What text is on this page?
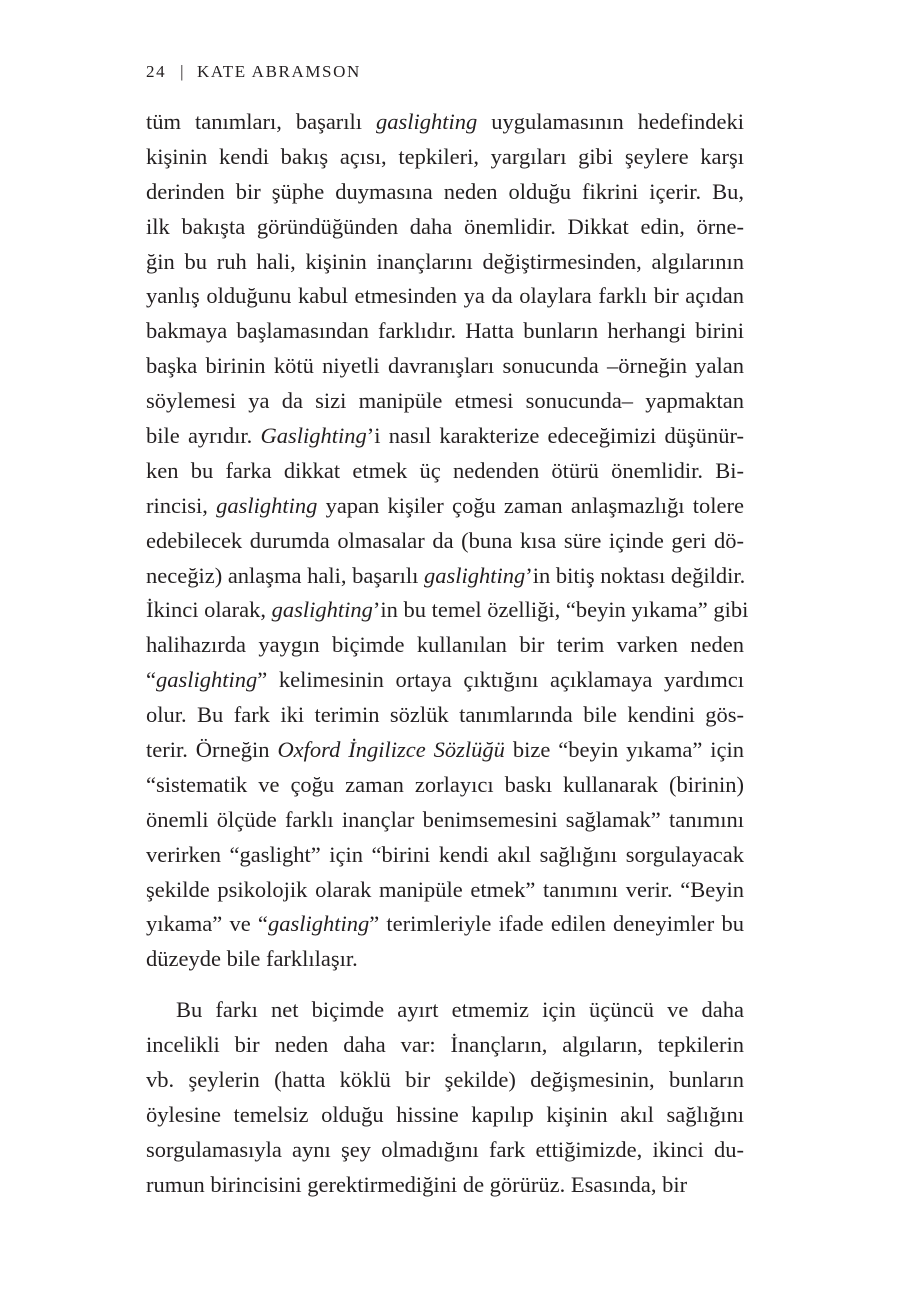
24 | KATE ABRAMSON
tüm tanımları, başarılı gaslighting uygulamasının hedefindeki
kişinin kendi bakış açısı, tepkileri, yargıları gibi şeylere karşı
derinden bir şüphe duymasına neden olduğu fikrini içerir. Bu,
ilk bakışta göründüğünden daha önemlidir. Dikkat edin, örne-
ğin bu ruh hali, kişinin inançlarını değiştirmesinden, algılarının
yanlış olduğunu kabul etmesinden ya da olaylara farklı bir açıdan
bakmaya başlamasından farklıdır. Hatta bunların herhangi birini
başka birinin kötü niyetli davranışları sonucunda –örneğin yalan
söylemesi ya da sizi manipüle etmesi sonucunda– yapmaktan
bile ayrıdır. Gaslighting’i nasıl karakterize edeceğimizi düşünür-
ken bu farka dikkat etmek üç nedenden ötürü önemlidir. Bi-
rincisi, gaslighting yapan kişiler çoğu zaman anlaşmazlığı tolere
edebilecek durumda olmasalar da (buna kısa süre içinde geri dö-
neceğiz) anlaşma hali, başarılı gaslighting’in bitiş noktası değildir.
İkinci olarak, gaslighting’in bu temel özelliği, “beyin yıkama” gibi
halihazırda yaygın biçimde kullanılan bir terim varken neden
“gaslighting” kelimesinin ortaya çıktığını açıklamaya yardımcı
olur. Bu fark iki terimin sözlük tanımlarında bile kendini gös-
terir. Örneğin Oxford İngilizce Sözlüğü bize “beyin yıkama” için
“sistematik ve çoğu zaman zorlayıcı baskı kullanarak (birinin)
önemli ölçüde farklı inançlar benimsemesini sağlamak” tanımını
verirken “gaslight” için “birini kendi akıl sağlığını sorgulayacak
şekilde psikolojik olarak manipüle etmek” tanımını verir. “Beyin
yıkama” ve “gaslighting” terimleriyle ifade edilen deneyimler bu
düzeyde bile farklılaşır.
Bu farkı net biçimde ayırt etmemiz için üçüncü ve daha
incelikli bir neden daha var: İnançların, algıların, tepkilerin
vb. şeylerin (hatta köklü bir şekilde) değişmesinin, bunların
öylesine temelsiz olduğu hissine kapılıp kişinin akıl sağlığını
sorgulamasıyla aynı şey olmadığını fark ettiğimizde, ikinci du-
rumun birincisini gerektirmediğini de görürüz. Esasında, bir
